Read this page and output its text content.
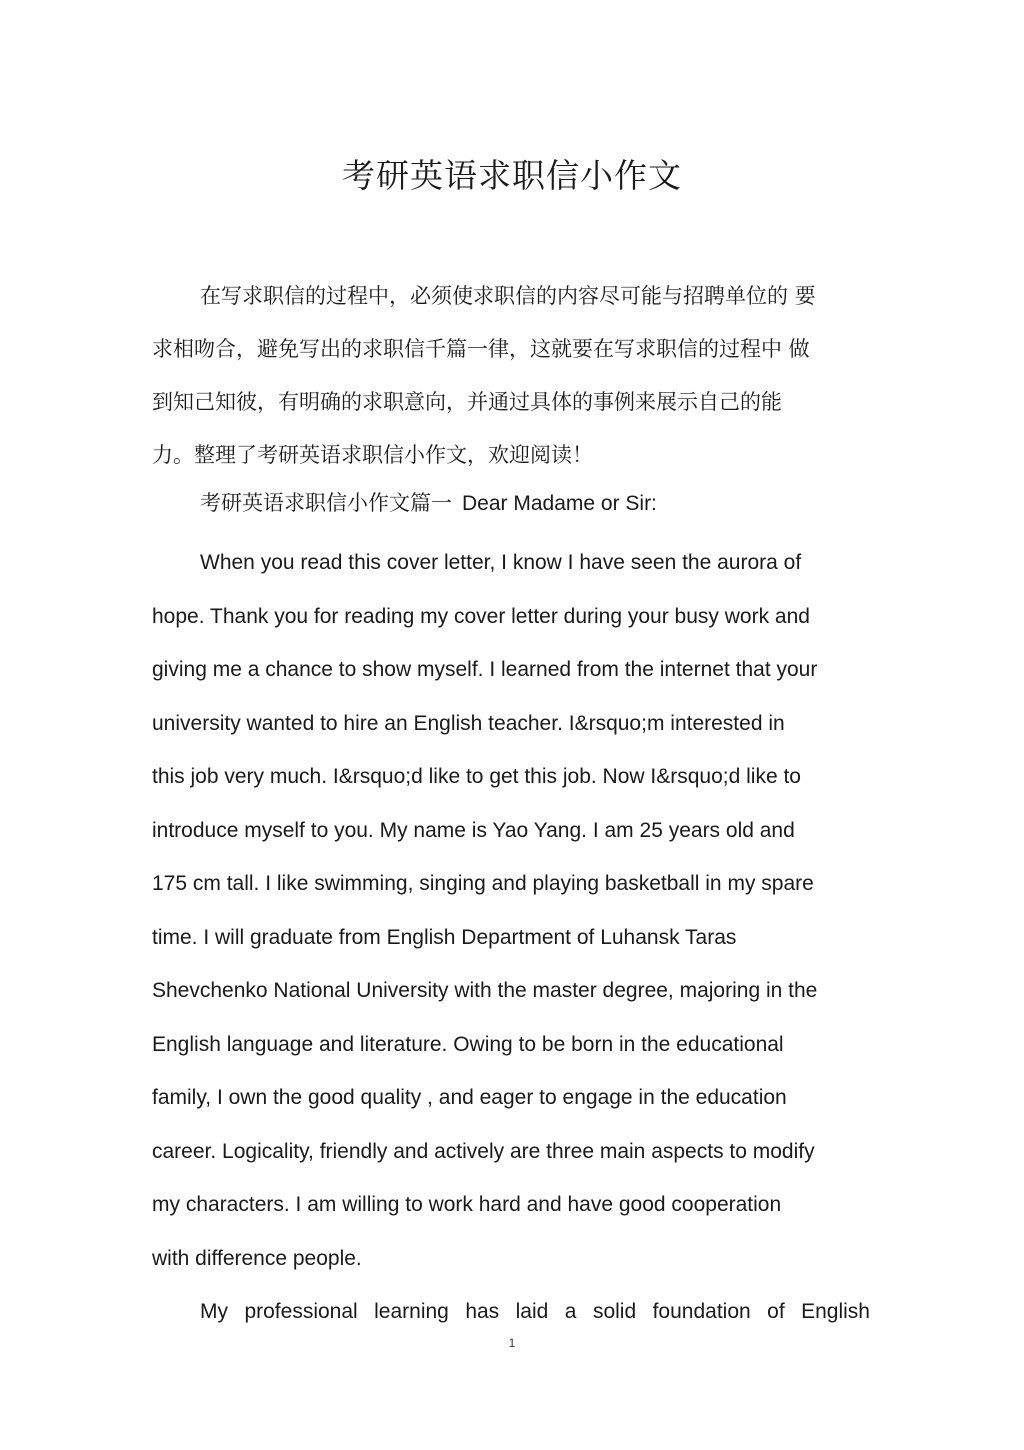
考研英语求职信小作文
在写求职信的过程中，必须使求职信的内容尽可能与招聘单位的 要
求相吻合，避免写出的求职信千篇一律，这就要在写求职信的过程中 做
到知己知彼，有明确的求职意向，并通过具体的事例来展示自己的能
力。整理了考研英语求职信小作文，欢迎阅读！
考研英语求职信小作文篇一 Dear Madame or Sir:
When you read this cover letter, I know I have seen the aurora of
hope. Thank you for reading my cover letter during your busy work and
giving me a chance to show myself. I learned from the internet that your
university wanted to hire an English teacher. I&rsquo;m interested in
this job very much. I&rsquo;d like to get this job. Now I&rsquo;d like to
introduce myself to you. My name is Yao Yang. I am 25 years old and
175 cm tall. I like swimming, singing and playing basketball in my spare
time. I will graduate from English Department of Luhansk Taras
Shevchenko National University with the master degree, majoring in the
English language and literature. Owing to be born in the educational
family, I own the good quality , and eager to engage in the education
career. Logicality, friendly and actively are three main aspects to modify
my characters. I am willing to work hard and have good cooperation
with difference people.
My professional learning has laid a solid foundation of English
1
